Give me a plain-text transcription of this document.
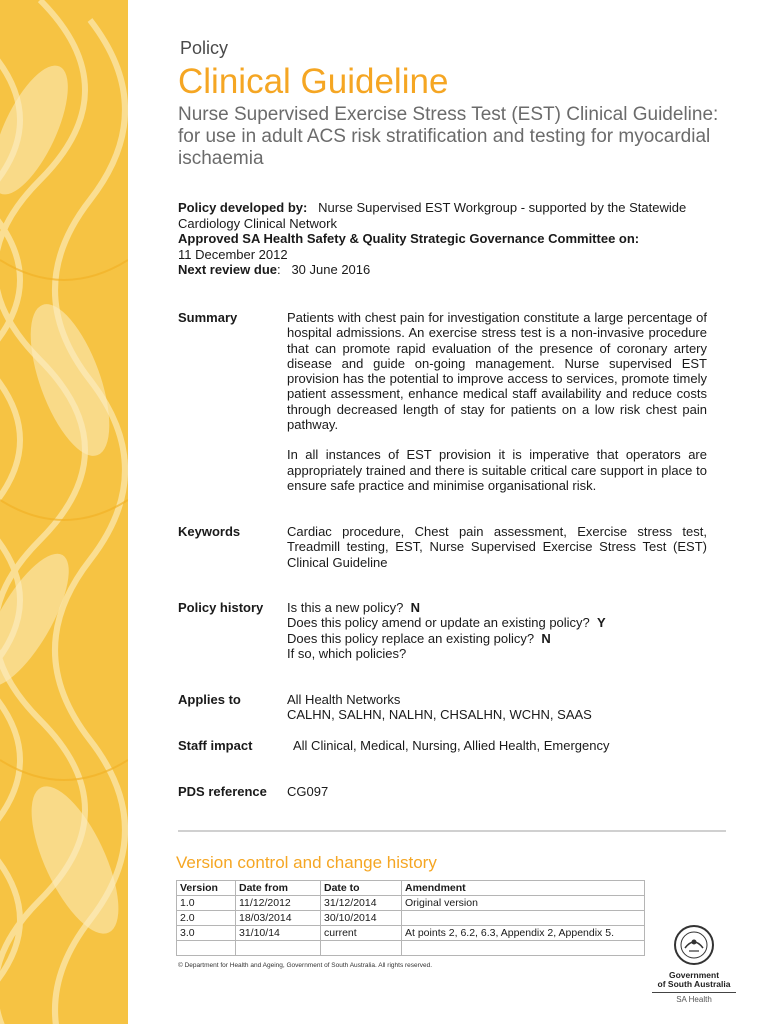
Policy
Clinical Guideline
Nurse Supervised Exercise Stress Test (EST) Clinical Guideline: for use in adult ACS risk stratification and testing for myocardial ischaemia
Policy developed by: Nurse Supervised EST Workgroup - supported by the Statewide Cardiology Clinical Network
Approved SA Health Safety & Quality Strategic Governance Committee on:
11 December 2012
Next review due:   30 June 2016
Summary	Patients with chest pain for investigation constitute a large percentage of hospital admissions. An exercise stress test is a non-invasive procedure that can promote rapid evaluation of the presence of coronary artery disease and guide on-going management. Nurse supervised EST provision has the potential to improve access to services, promote timely patient assessment, enhance medical staff availability and reduce costs through decreased length of stay for patients on a low risk chest pain pathway.

In all instances of EST provision it is imperative that operators are appropriately trained and there is suitable critical care support in place to ensure safe practice and minimise organisational risk.

Keywords	Cardiac procedure, Chest pain assessment, Exercise stress test, Treadmill testing, EST, Nurse Supervised Exercise Stress Test (EST) Clinical Guideline
Policy history Is this a new policy? N
Does this policy amend or update an existing policy? Y
Does this policy replace an existing policy? N
If so, which policies?
Applies to	All Health Networks
CALHN, SALHN, NALHN, CHSALHN, WCHN, SAAS
Staff impact	All Clinical, Medical, Nursing, Allied Health, Emergency
PDS reference CG097
Version control and change history
Version	Date from	Date to	Amendment
1.0	11/12/2012	31/12/2014	Original version
2.0	18/03/2014	30/10/2014	
3.0	31/10/14	current	At points 2, 6.2, 6.3, Appendix 2, Appendix 5.

© Department for Health and Ageing, Government of South Australia. All rights reserved.
Government
of South Australia
SA Health
